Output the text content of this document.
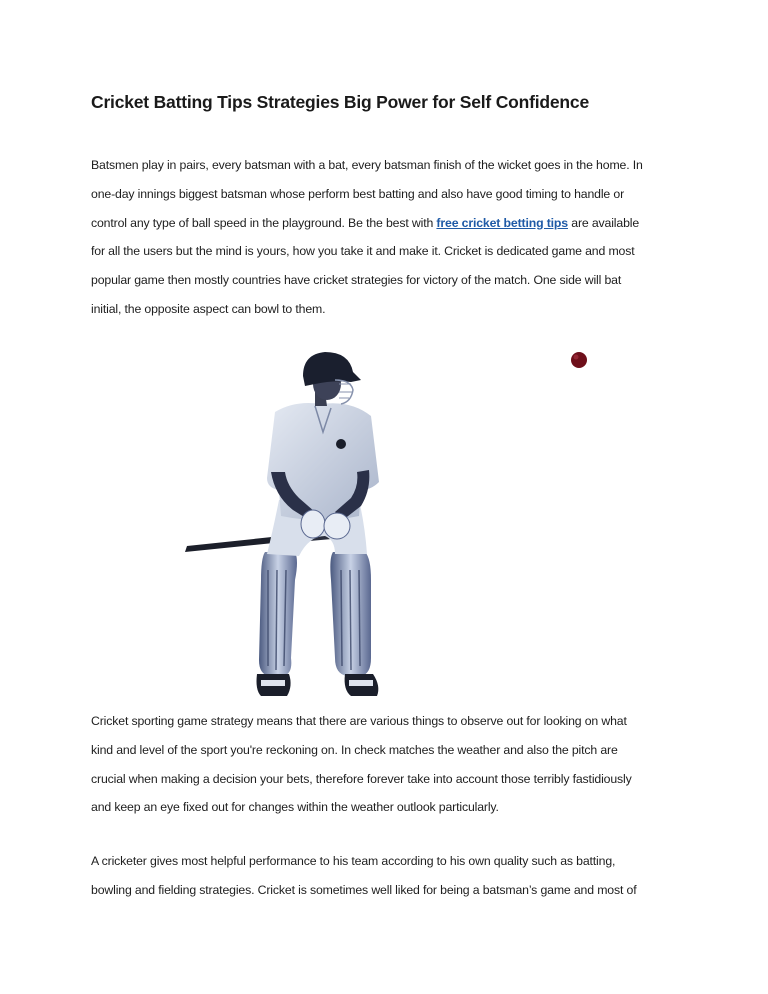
Cricket Batting Tips Strategies Big Power for Self Confidence
Batsmen play in pairs, every batsman with a bat, every batsman finish of the wicket goes in the home. In
one-day innings biggest batsman whose perform best batting and also have good timing to handle or
control any type of ball speed in the playground. Be the best with free cricket betting tips are available
for all the users but the mind is yours, how you take it and make it. Cricket is dedicated game and most
popular game then mostly countries have cricket strategies for victory of the match. One side will bat
initial, the opposite aspect can bowl to them.
Cricket sporting game strategy means that there are various things to observe out for looking on what
kind and level of the sport you're reckoning on. In check matches the weather and also the pitch are
crucial when making a decision your bets, therefore forever take into account those terribly fastidiously
and keep an eye fixed out for changes within the weather outlook particularly.
A cricketer gives most helpful performance to his team according to his own quality such as batting,
bowling and fielding strategies. Cricket is sometimes well liked for being a batsman’s game and most of
